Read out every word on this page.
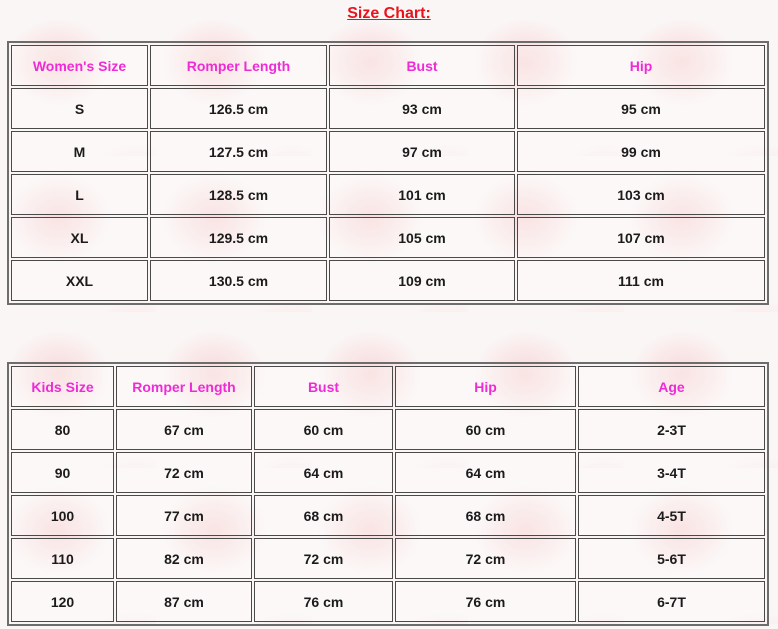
Size Chart:
Women's Size	Romper Length	Bust	Hip
S	126.5 cm	93 cm	95 cm
M	127.5 cm	97 cm	99 cm
L	128.5 cm	101 cm	103 cm
XL	129.5 cm	105 cm	107 cm
XXL	130.5 cm	109 cm	111 cm
Kids Size	Romper Length	Bust	Hip	Age
80	67 cm	60 cm	60 cm	2-3T
90	72 cm	64 cm	64 cm	3-4T
100	77 cm	68 cm	68 cm	4-5T
110	82 cm	72 cm	72 cm	5-6T
120	87 cm	76 cm	76 cm	6-7T
